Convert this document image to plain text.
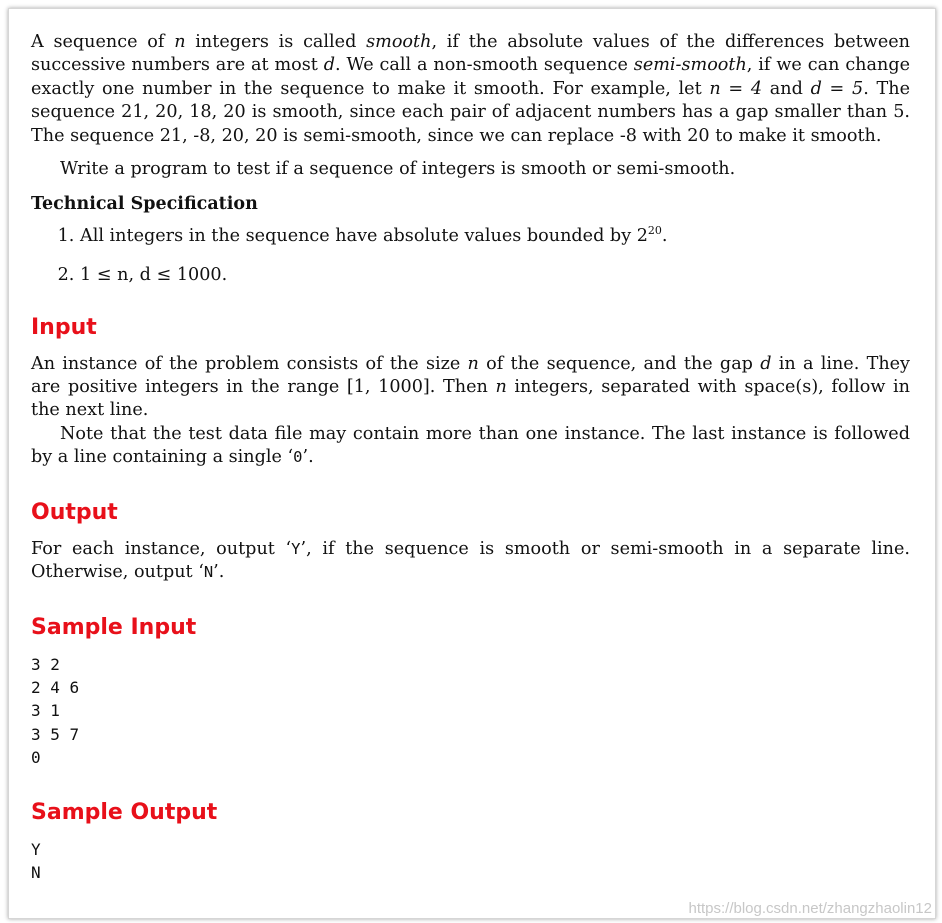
A sequence of n integers is called smooth, if the absolute values of the differences between successive numbers are at most d. We call a non-smooth sequence semi-smooth, if we can change exactly one number in the sequence to make it smooth. For example, let n = 4 and d = 5. The sequence 21, 20, 18, 20 is smooth, since each pair of adjacent numbers has a gap smaller than 5. The sequence 21, -8, 20, 20 is semi-smooth, since we can replace -8 with 20 to make it smooth.

Write a program to test if a sequence of integers is smooth or semi-smooth.

Technical Specification
1. All integers in the sequence have absolute values bounded by $2^{20}$.
2. 1 ≤ n, d ≤ 1000.
Input

An instance of the problem consists of the size n of the sequence, and the gap d in a line. They are positive integers in the range [1, 1000]. Then n integers, separated with space(s), follow in the next line.

Note that the test data file may contain more than one instance. The last instance is followed by a line containing a single ‘0’.

Output

For each instance, output ‘Y’, if the sequence is smooth or semi-smooth in a separate line. Otherwise, output ‘N’.

Sample Input
3 2
2 4 6
3 1
3 5 7
0
Sample Output
Y
N
https://blog.csdn.net/zhangzhaolin12
